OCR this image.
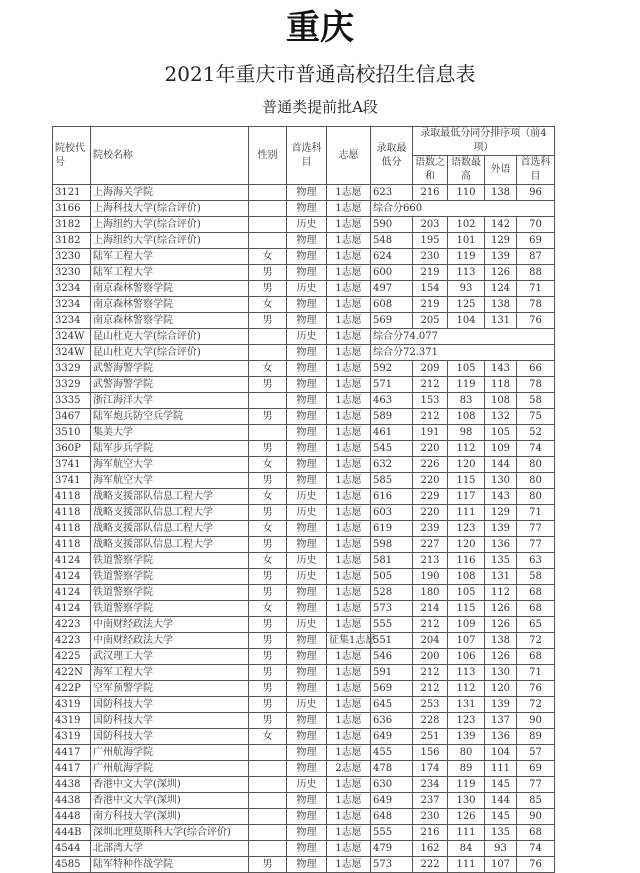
重庆
2021年重庆市普通高校招生信息表
普通类提前批A段
院校代号	院校名称	性别	首选科目	志愿	录取最低分	录取最低分同分排序项（前4项）			
						语数之和	语数最高	外语	首选科目
3121	上海海关学院		物理	1志愿	623	216	110	138	96
3166	上海科技大学(综合评价)		物理	1志愿	综合分660				
3182	上海纽约大学(综合评价)		历史	1志愿	590	203	102	142	70
3182	上海纽约大学(综合评价)		物理	1志愿	548	195	101	129	69
3230	陆军工程大学	女	物理	1志愿	624	230	119	139	87
3230	陆军工程大学	男	物理	1志愿	600	219	113	126	88
3234	南京森林警察学院	男	历史	1志愿	497	154	93	124	71
3234	南京森林警察学院	女	物理	1志愿	608	219	125	138	78
3234	南京森林警察学院	男	物理	1志愿	569	205	104	131	76
324W	昆山杜克大学(综合评价)		历史	1志愿	综合分74.077				
324W	昆山杜克大学(综合评价)		物理	1志愿	综合分72.371				
3329	武警海警学院	女	物理	1志愿	592	209	105	143	66
3329	武警海警学院	男	物理	1志愿	571	212	119	118	78
3335	浙江海洋大学		物理	1志愿	463	153	83	108	58
3467	陆军炮兵防空兵学院	男	物理	1志愿	589	212	108	132	75
3510	集美大学		物理	1志愿	461	191	98	105	52
360P	陆军步兵学院	男	物理	1志愿	545	220	112	109	74
3741	海军航空大学	女	物理	1志愿	632	226	120	144	80
3741	海军航空大学	男	物理	1志愿	585	220	115	130	80
4118	战略支援部队信息工程大学	女	历史	1志愿	616	229	117	143	80
4118	战略支援部队信息工程大学	男	历史	1志愿	603	220	111	129	71
4118	战略支援部队信息工程大学	女	物理	1志愿	619	239	123	139	77
4118	战略支援部队信息工程大学	男	物理	1志愿	598	227	120	136	77
4124	铁道警察学院	女	历史	1志愿	581	213	116	135	63
4124	铁道警察学院	男	历史	1志愿	505	190	108	131	58
4124	铁道警察学院	男	物理	1志愿	528	180	105	112	68
4124	铁道警察学院	女	物理	1志愿	573	214	115	126	68
4223	中南财经政法大学	男	历史	1志愿	555	212	109	126	65
4223	中南财经政法大学	男	物理	征集1志愿	551	204	107	138	72
4225	武汉理工大学	男	物理	1志愿	546	200	106	126	68
422N	海军工程大学	男	物理	1志愿	591	212	113	130	71
422P	空军预警学院	男	物理	1志愿	569	212	112	120	76
4319	国防科技大学	男	历史	1志愿	645	253	131	139	72
4319	国防科技大学	男	物理	1志愿	636	228	123	137	90
4319	国防科技大学	女	物理	1志愿	649	251	139	136	89
4417	广州航海学院		物理	1志愿	455	156	80	104	57
4417	广州航海学院		物理	2志愿	478	174	89	111	69
4438	香港中文大学(深圳)		历史	1志愿	630	234	119	145	77
4438	香港中文大学(深圳)		物理	1志愿	649	237	130	144	85
4448	南方科技大学(深圳)		物理	1志愿	648	230	126	145	90
444B	深圳北理莫斯科大学(综合评价)		物理	1志愿	555	216	111	135	68
4544	北部湾大学		物理	1志愿	479	162	84	93	74
4585	陆军特种作战学院	男	物理	1志愿	573	222	111	107	76
